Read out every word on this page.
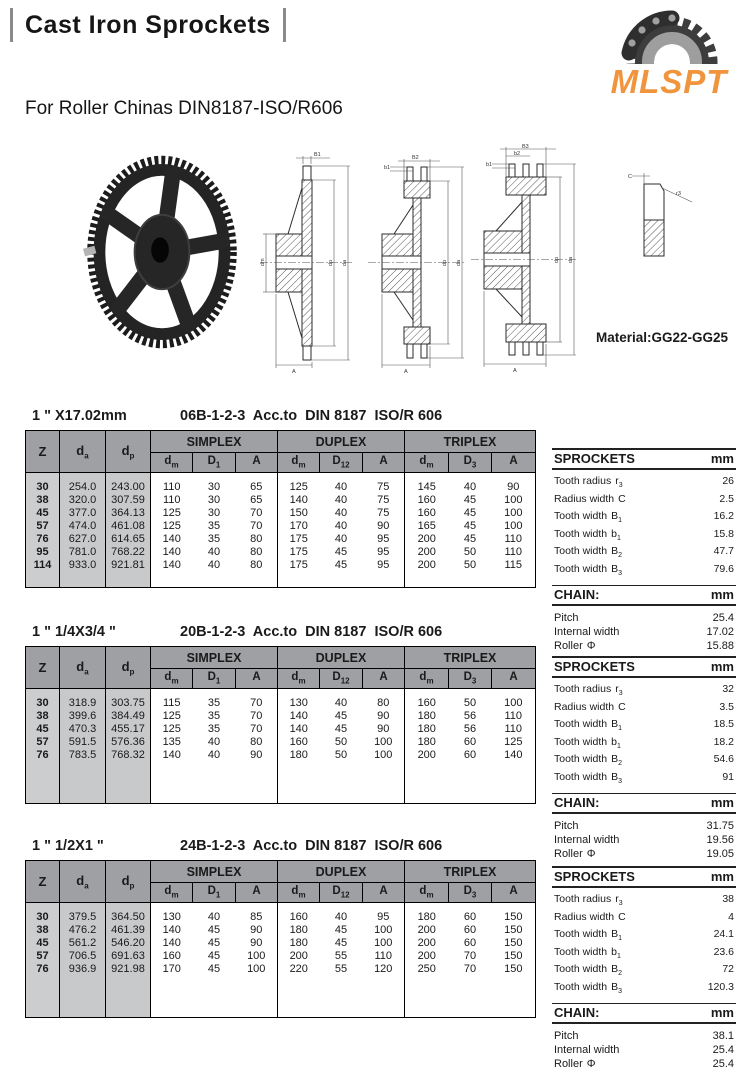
Cast Iron Sprockets
MLSPT
For Roller Chinas DIN8187-ISO/R606
B1
dm	dp da
A
B2
b1
dp da
A
B3
b2
b1
dp da
A
C
r3
Material:GG22-GG25
1 " X17.02mm	06B-1-2-3  Acc.to  DIN 8187  ISO/R 606
Z	$d_a$	$d_p$	SIMPLEX			DUPLEX			TRIPLEX		
			$d_m$	$D_1$	A	$d_m$	$D_{12}$	A	$d_m$	$D_3$	A
30	254.0	243.00	110	30	65	125	40	75	145	40	90
38	320.0	307.59	110	30	65	140	40	75	160	45	100
45	377.0	364.13	125	30	70	150	40	75	160	45	100
57	474.0	461.08	125	35	70	170	40	90	165	45	100
76	627.0	614.65	140	35	80	175	40	95	200	45	110
95	781.0	768.22	140	40	80	175	45	95	200	50	110
114	933.0	921.81	140	40	80	175	45	95	200	50	115

SPROCKETS	mm
Tooth radius $r_3$	26
Radius width C	2.5
Tooth width $B_1$	16.2
Tooth width $b_1$	15.8
Tooth width $B_2$	47.7
Tooth width $B_3$	79.6
CHAIN:	mm
Pitch	25.4
Internal width	17.02
Roller Φ	15.88
1 " 1/4X3/4 "	20B-1-2-3  Acc.to  DIN 8187  ISO/R 606
Z	$d_a$	$d_p$	SIMPLEX			DUPLEX			TRIPLEX		
			$d_m$	$D_1$	A	$d_m$	$D_{12}$	A	$d_m$	$D_3$	A
30	318.9	303.75	115	35	70	130	40	80	160	50	100
38	399.6	384.49	125	35	70	140	45	90	180	56	110
45	470.3	455.17	125	35	70	140	45	90	180	56	110
57	591.5	576.36	135	40	80	160	50	100	180	60	125
76	783.5	768.32	140	40	90	180	50	100	200	60	140

SPROCKETS	mm
Tooth radius $r_3$	32
Radius width C	3.5
Tooth width $B_1$	18.5
Tooth width $b_1$	18.2
Tooth width $B_2$	54.6
Tooth width $B_3$	91
CHAIN:	mm
Pitch	31.75
Internal width	19.56
Roller Φ	19.05
1 " 1/2X1 "	24B-1-2-3  Acc.to  DIN 8187  ISO/R 606
Z	$d_a$	$d_p$	SIMPLEX			DUPLEX			TRIPLEX		
			$d_m$	$D_1$	A	$d_m$	$D_{12}$	A	$d_m$	$D_3$	A
30	379.5	364.50	130	40	85	160	40	95	180	60	150
38	476.2	461.39	140	45	90	180	45	100	200	60	150
45	561.2	546.20	140	45	90	180	45	100	200	60	150
57	706.5	691.63	160	45	100	200	55	110	200	70	150
76	936.9	921.98	170	45	100	220	55	120	250	70	150

SPROCKETS	mm
Tooth radius $r_3$	38
Radius width C	4
Tooth width $B_1$	24.1
Tooth width $b_1$	23.6
Tooth width $B_2$	72
Tooth width $B_3$	120.3
CHAIN:	mm
Pitch	38.1
Internal width	25.4
Roller Φ	25.4
